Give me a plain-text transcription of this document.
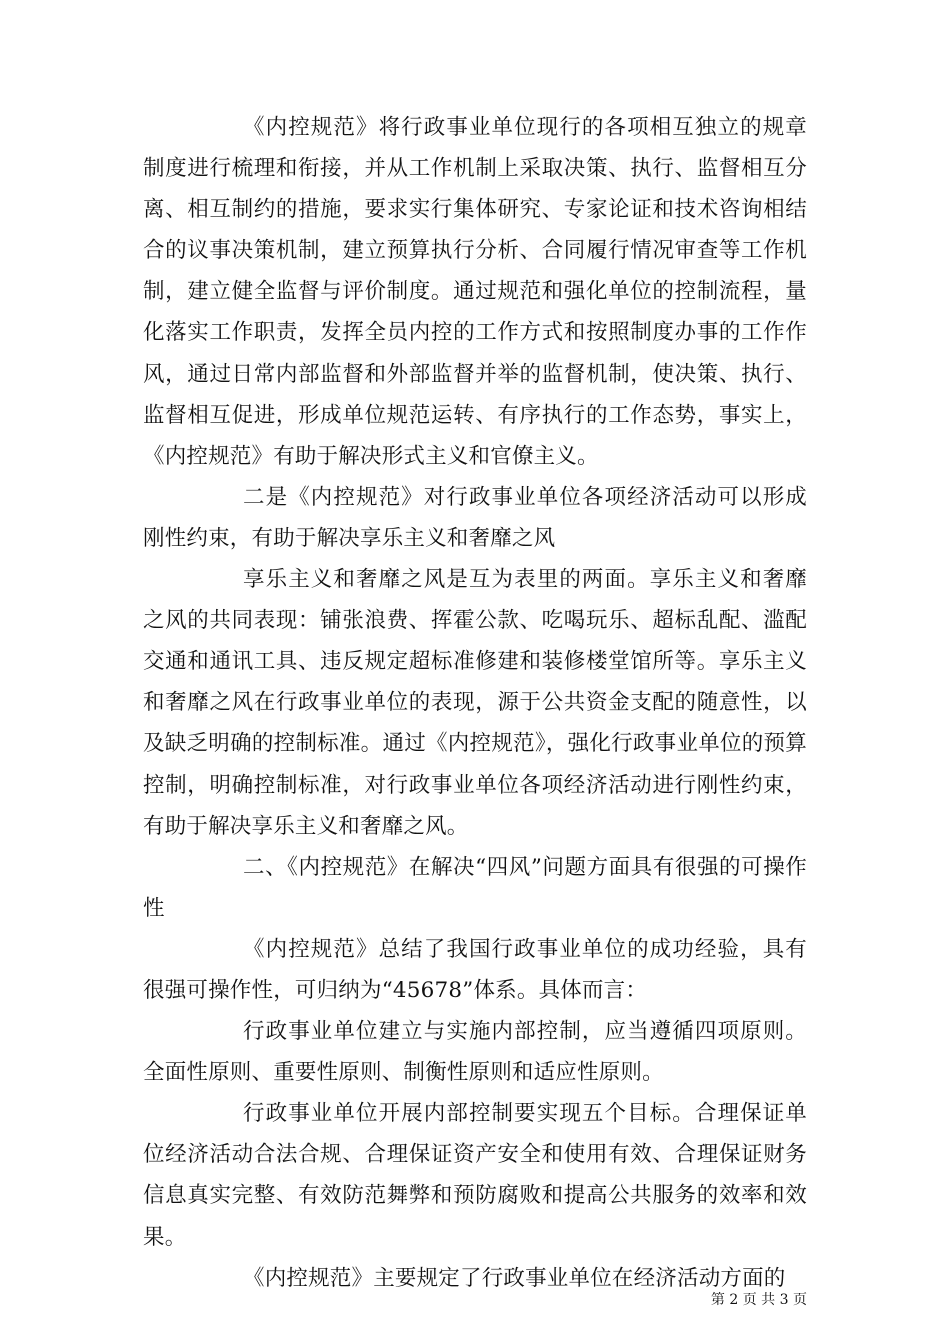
《内控规范》将行政事业单位现行的各项相互独立的规章制度进行梳理和衔接，并从工作机制上采取决策、执行、监督相互分离、相互制约的措施，要求实行集体研究、专家论证和技术咨询相结合的议事决策机制，建立预算执行分析、合同履行情况审查等工作机制，建立健全监督与评价制度。通过规范和强化单位的控制流程，量化落实工作职责，发挥全员内控的工作方式和按照制度办事的工作作风，通过日常内部监督和外部监督并举的监督机制，使决策、执行、监督相互促进，形成单位规范运转、有序执行的工作态势，事实上，《内控规范》有助于解决形式主义和官僚主义。

二是《内控规范》对行政事业单位各项经济活动可以形成刚性约束，有助于解决享乐主义和奢靡之风

享乐主义和奢靡之风是互为表里的两面。享乐主义和奢靡之风的共同表现：铺张浪费、挥霍公款、吃喝玩乐、超标乱配、滥配交通和通讯工具、违反规定超标准修建和装修楼堂馆所等。享乐主义和奢靡之风在行政事业单位的表现，源于公共资金支配的随意性，以及缺乏明确的控制标准。通过《内控规范》，强化行政事业单位的预算控制，明确控制标准，对行政事业单位各项经济活动进行刚性约束，有助于解决享乐主义和奢靡之风。

二、《内控规范》在解决“四风”问题方面具有很强的可操作性

《内控规范》总结了我国行政事业单位的成功经验，具有很强可操作性，可归纳为“45678”体系。具体而言：

行政事业单位建立与实施内部控制，应当遵循四项原则。全面性原则、重要性原则、制衡性原则和适应性原则。

行政事业单位开展内部控制要实现五个目标。合理保证单位经济活动合法合规、合理保证资产安全和使用有效、合理保证财务信息真实完整、有效防范舞弊和预防腐败和提高公共服务的效率和效果。

《内控规范》主要规定了行政事业单位在经济活动方面的

第 2 页 共 3 页
